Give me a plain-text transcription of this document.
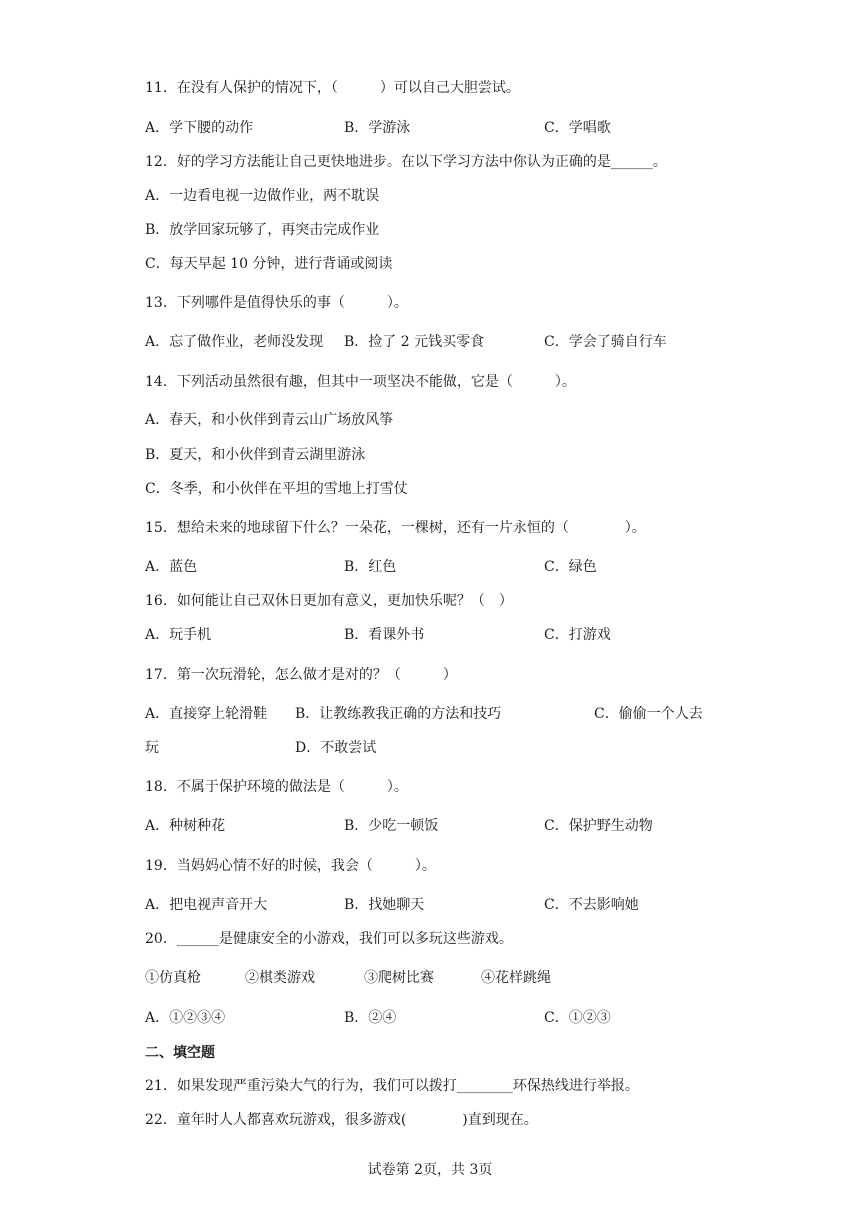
11．在没有人保护的情况下，（　　　）可以自己大胆尝试。
A．学下腰的动作	B．学游泳	C．学唱歌
12．好的学习方法能让自己更快地进步。在以下学习方法中你认为正确的是______。
A．一边看电视一边做作业，两不耽误
B．放学回家玩够了，再突击完成作业
C．每天早起 10 分钟，进行背诵或阅读
13．下列哪件是值得快乐的事（　　　）。
A．忘了做作业，老师没发现 B．捡了 2 元钱买零食	C．学会了骑自行车
14．下列活动虽然很有趣，但其中一项坚决不能做，它是（　　　）。
A．春天，和小伙伴到青云山广场放风筝
B．夏天，和小伙伴到青云湖里游泳
C．冬季，和小伙伴在平坦的雪地上打雪仗
15．想给未来的地球留下什么？一朵花，一棵树，还有一片永恒的（　　　　）。
A．蓝色	B．红色	C．绿色
16．如何能让自己双休日更加有意义，更加快乐呢？（　）
A．玩手机	B．看课外书	C．打游戏
17．第一次玩滑轮，怎么做才是对的？（　　　）
A．直接穿上轮滑鞋 B．让教练教我正确的方法和技巧	C．偷偷一个人去
玩	D．不敢尝试
18．不属于保护环境的做法是（　　　）。
A．种树种花	B．少吃一顿饭	C．保护野生动物
19．当妈妈心情不好的时候，我会（　　　）。
A．把电视声音开大	B．找她聊天	C．不去影响她
20．______是健康安全的小游戏，我们可以多玩这些游戏。
①仿真枪	②棋类游戏	③爬树比赛	④花样跳绳
A．①②③④	B．②④	C．①②③
二、填空题
21．如果发现严重污染大气的行为，我们可以拨打________环保热线进行举报。
22．童年时人人都喜欢玩游戏，很多游戏(　　　　)直到现在。
试卷第 2页，共 3页
